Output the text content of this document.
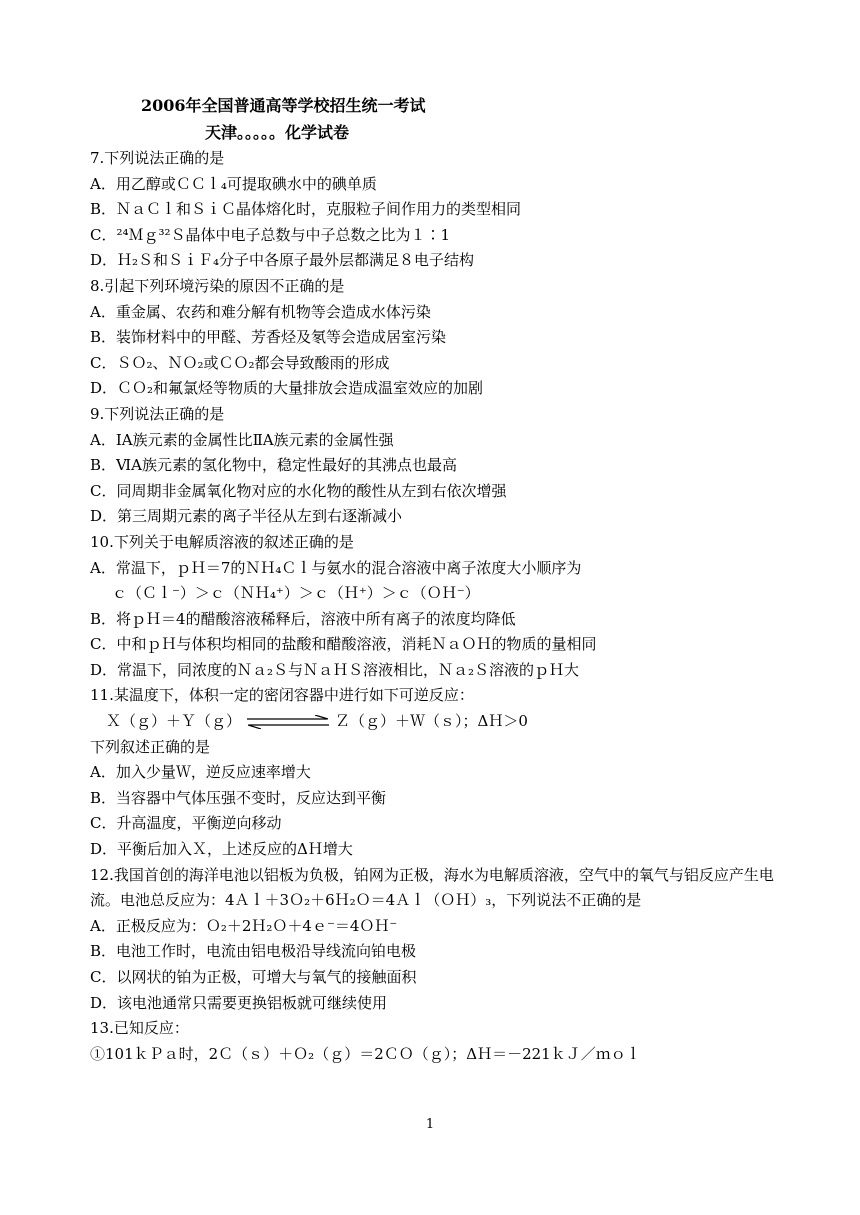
2006年全国普通高等学校招生统一考试
天津。。。。。化学试卷
7.下列说法正确的是
A．用乙醇或ＣＣｌ₄可提取碘水中的碘单质
B．ＮａＣｌ和ＳｉＣ晶体熔化时，克服粒子间作用力的类型相同
C．²⁴Ｍｇ³²Ｓ晶体中电子总数与中子总数之比为１∶1
D．Ｈ₂Ｓ和ＳｉＦ₄分子中各原子最外层都满足８电子结构
8.引起下列环境污染的原因不正确的是
A．重金属、农药和难分解有机物等会造成水体污染
B．装饰材料中的甲醛、芳香烃及氡等会造成居室污染
C．ＳＯ₂、ＮＯ₂或ＣＯ₂都会导致酸雨的形成
D．ＣＯ₂和氟氯烃等物质的大量排放会造成温室效应的加剧
9.下列说法正确的是
A．ⅠA族元素的金属性比ⅡA族元素的金属性强
B．ⅥA族元素的氢化物中，稳定性最好的其沸点也最高
C．同周期非金属氧化物对应的水化物的酸性从左到右依次增强
D．第三周期元素的离子半径从左到右逐渐减小
10.下列关于电解质溶液的叙述正确的是
A．常温下，ｐＨ＝7的ＮＨ₄Ｃｌ与氨水的混合溶液中离子浓度大小顺序为
ｃ（Ｃｌ⁻）＞ｃ（ＮＨ₄⁺）＞ｃ（Ｈ⁺）＞ｃ（ＯＨ⁻）
B．将ｐＨ＝4的醋酸溶液稀释后，溶液中所有离子的浓度均降低
C．中和ｐＨ与体积均相同的盐酸和醋酸溶液，消耗ＮａＯＨ的物质的量相同
D．常温下，同浓度的Ｎａ₂Ｓ与ＮａＨＳ溶液相比，Ｎａ₂Ｓ溶液的ｐＨ大
11.某温度下，体积一定的密闭容器中进行如下可逆反应：
Ｘ（ｇ）＋Ｙ（ｇ）	Ｚ（ｇ）＋Ｗ（ｓ）；ΔＨ＞0
下列叙述正确的是
A．加入少量Ｗ，逆反应速率增大
B．当容器中气体压强不变时，反应达到平衡
C．升高温度，平衡逆向移动
D．平衡后加入Ｘ，上述反应的ΔＨ增大
12.我国首创的海洋电池以铝板为负极，铂网为正极，海水为电解质溶液，空气中的氧气与铝反应产生电流。电池总反应为：4Ａｌ＋3Ｏ₂＋6Ｈ₂Ｏ＝4Ａｌ（ＯＨ）₃，下列说法不正确的是
A．正极反应为：Ｏ₂＋2Ｈ₂Ｏ＋4ｅ⁻＝4ＯＨ⁻
B．电池工作时，电流由铝电极沿导线流向铂电极
C．以网状的铂为正极，可增大与氧气的接触面积
D．该电池通常只需要更换铝板就可继续使用
13.已知反应：
①101ｋＰａ时，2Ｃ（ｓ）＋Ｏ₂（ｇ）＝2ＣＯ（ｇ）；ΔＨ＝－221ｋＪ／ｍｏｌ
1
